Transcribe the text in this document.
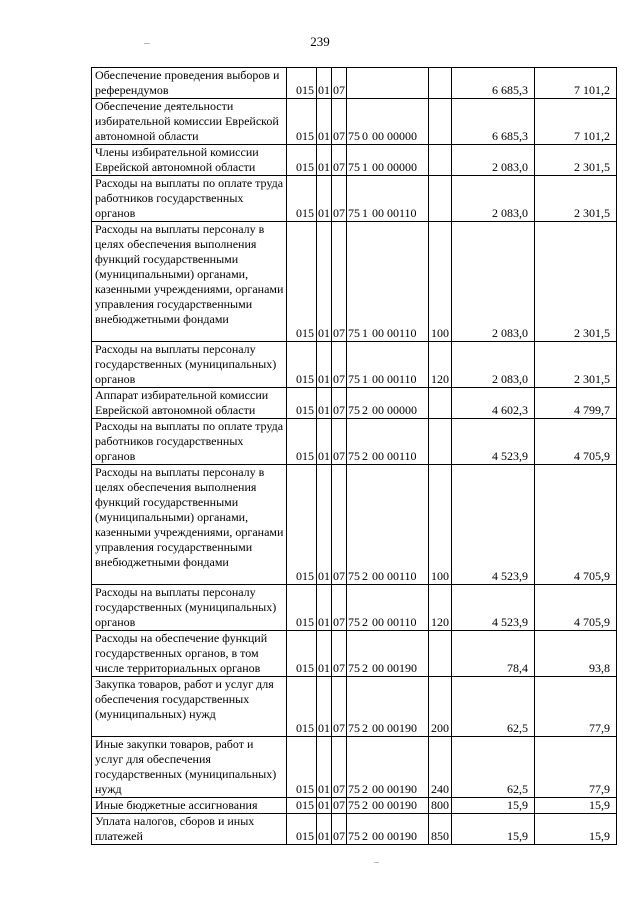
239
Обеспечение проведения выборов и референдумов	015	01	07			6 685,3	7 101,2
Обеспечение деятельности избирательной комиссии Еврейской автономной области	015	01	07	75 0 00 00000		6 685,3	7 101,2
Члены избирательной комиссии Еврейской автономной области	015	01	07	75 1 00 00000		2 083,0	2 301,5
Расходы на выплаты по оплате труда работников государственных органов	015	01	07	75 1 00 00110		2 083,0	2 301,5
Расходы на выплаты персоналу в целях обеспечения выполнения функций государственными (муниципальными) органами, казенными учреждениями, органами управления государственными внебюджетными фондами	015	01	07	75 1 00 00110	100	2 083,0	2 301,5
Расходы на выплаты персоналу государственных (муниципальных) органов	015	01	07	75 1 00 00110	120	2 083,0	2 301,5
Аппарат избирательной комиссии Еврейской автономной области	015	01	07	75 2 00 00000		4 602,3	4 799,7
Расходы на выплаты по оплате труда работников государственных органов	015	01	07	75 2 00 00110		4 523,9	4 705,9
Расходы на выплаты персоналу в целях обеспечения выполнения функций государственными (муниципальными) органами, казенными учреждениями, органами управления государственными внебюджетными фондами	015	01	07	75 2 00 00110	100	4 523,9	4 705,9
Расходы на выплаты персоналу государственных (муниципальных) органов	015	01	07	75 2 00 00110	120	4 523,9	4 705,9
Расходы на обеспечение функций государственных органов, в том числе территориальных органов	015	01	07	75 2 00 00190		78,4	93,8
Закупка товаров, работ и услуг для обеспечения государственных (муниципальных) нужд	015	01	07	75 2 00 00190	200	62,5	77,9
Иные закупки товаров, работ и услуг для обеспечения государственных (муниципальных) нужд	015	01	07	75 2 00 00190	240	62,5	77,9
Иные бюджетные ассигнования	015	01	07	75 2 00 00190	800	15,9	15,9
Уплата налогов, сборов и иных платежей	015	01	07	75 2 00 00190	850	15,9	15,9
